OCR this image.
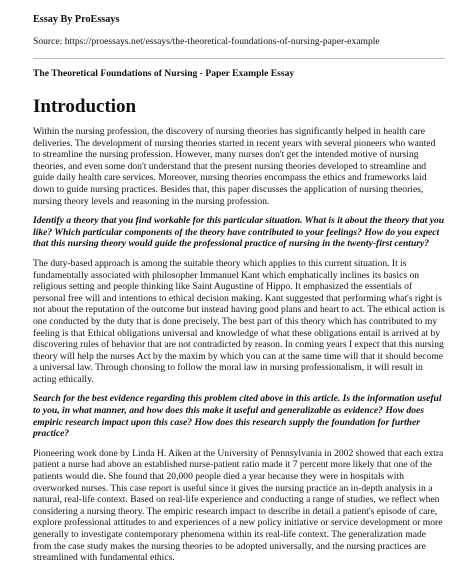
Essay By ProEssays

Source: https://proessays.net/essays/the-theoretical-foundations-of-nursing-paper-example

The Theoretical Foundations of Nursing - Paper Example Essay

Introduction

Within the nursing profession, the discovery of nursing theories has significantly helped in health care deliveries. The development of nursing theories started in recent years with several pioneers who wanted to streamline the nursing profession. However, many nurses don't get the intended motive of nursing theories, and even some don't understand that the present nursing theories developed to streamline and guide daily health care services. Moreover, nursing theories encompass the ethics and frameworks laid down to guide nursing practices. Besides that, this paper discusses the application of nursing theories, nursing theory levels and reasoning in the nursing profession.

Identify a theory that you find workable for this particular situation. What is it about the theory that you like? Which particular components of the theory have contributed to your feelings? How do you expect that this nursing theory would guide the professional practice of nursing in the twenty-first century?

The duty-based approach is among the suitable theory which applies to this current situation. It is fundamentally associated with philosopher Immanuel Kant which emphatically inclines its basics on religious setting and people thinking like Saint Augustine of Hippo. It emphasized the essentials of personal free will and intentions to ethical decision making. Kant suggested that performing what's right is not about the reputation of the outcome but instead having good plans and heart to act. The ethical action is one conducted by the duty that is done precisely. The best part of this theory which has contributed to my feeling is that Ethical obligations universal and knowledge of what these obligations entail is arrived at by discovering rules of behavior that are not contradicted by reason. In coming years I expect that this nursing theory will help the nurses Act by the maxim by which you can at the same time will that it should become a universal law. Through choosing to follow the moral law in nursing professionalism, it will result in acting ethically.

Search for the best evidence regarding this problem cited above in this article. Is the information useful to you, in what manner, and how does this make it useful and generalizable as evidence? How does empiric research impact upon this case? How does this research supply the foundation for further practice?

Pioneering work done by Linda H. Aiken at the University of Pennsylvania in 2002 showed that each extra patient a nurse had above an established nurse-patient ratio made it 7 percent more likely that one of the patients would die. She found that 20,000 people died a year because they were in hospitals with overworked nurses. This case report is useful since it gives the nursing practice an in-depth analysis in a natural, real-life context. Based on real-life experience and conducting a range of studies, we reflect when considering a nursing theory. The empiric research impact to describe in detail a patient's episode of care, explore professional attitudes to and experiences of a new policy initiative or service development or more generally to investigate contemporary phenomena within its real-life context. The generalization made from the case study makes the nursing theories to be adopted universally, and the nursing practices are streamlined with fundamental ethics.
